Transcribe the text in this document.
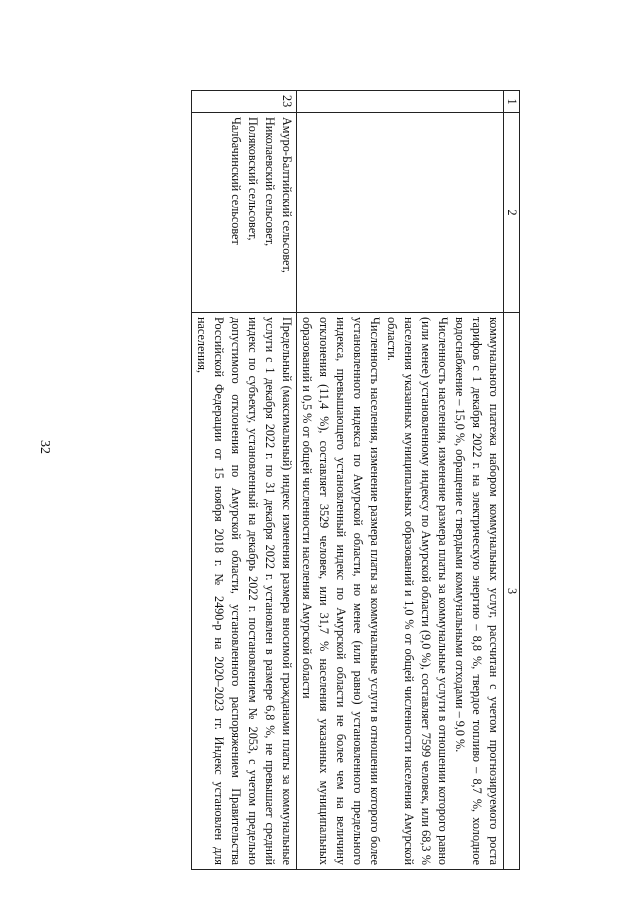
32
1	2	3

		коммунального платежа набором коммунальных услуг, рассчитан с учетом прогнозируемого роста тарифов с 1 декабря 2022 г. на электрическую энергию – 8,8 %, твердое топливо – 8,7 %, холодное водоснабжение – 15,0 %, обращение с твердыми коммунальными отходами – 9,0 %.
Численность населения, изменение размера платы за коммунальные услуги в отношении которого равно (или менее) установленному индексу по Амурской области (9,0 %), составляет 7599 человек, или 68,3 % населения указанных муниципальных образований и 1,0 % от общей численности населения Амурской области.
Численность населения, изменение размера платы за коммунальные услуги в отношении которого более установленного индекса по Амурской области, но менее (или равно) установленного предельного индекса, превышающего установленный индекс по Амурской области не более чем на величину отклонения (11,4 %), составляет 3529 человек, или 31,7 % населения указанных муниципальных образований и 0,5 % от общей численности населения Амурской области

23	Амуро-Балтийский сельсовет, Николаевский сельсовет, Поляковский сельсовет, Чалбачинский сельсовет	Предельный (максимальный) индекс изменения размера вносимой гражданами платы за коммунальные услуги с 1 декабря 2022 г. по 31 декабря 2022 г. установлен в размере 6,8 %, не превышает средний индекс по субъекту, установленный на декабрь 2022 г. постановлением № 2053, с учетом предельно допустимого отклонения по Амурской области, установленного распоряжением Правительства Российской Федерации от 15 ноября 2018 г. № 2490-р на 2020–2023 гг. Индекс установлен для населения,
